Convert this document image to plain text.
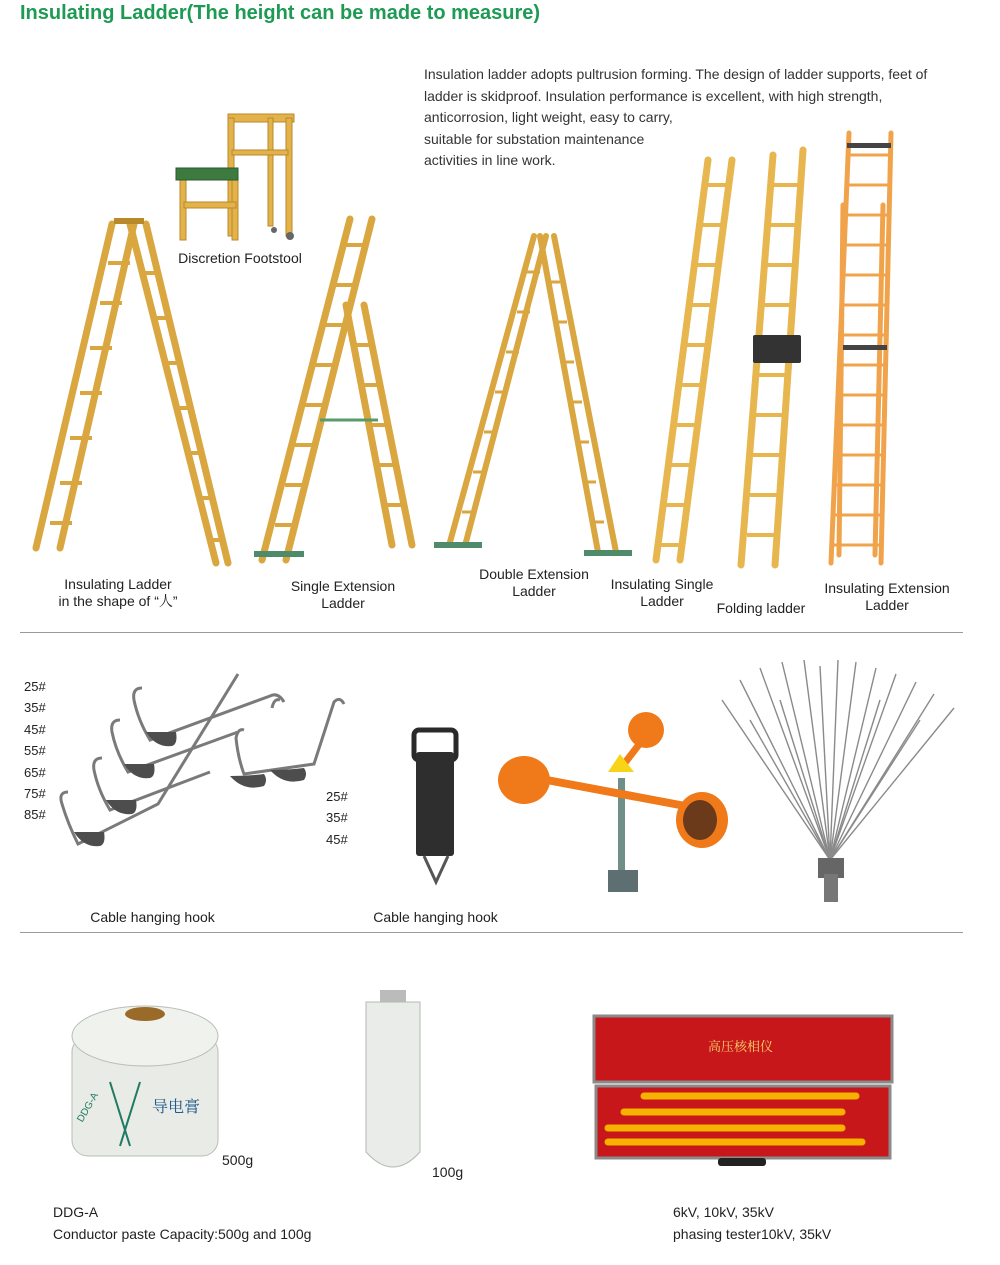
Insulating Ladder(The height can be made to measure)
Insulation ladder adopts pultrusion forming. The design of ladder supports, feet of
ladder is skidproof. Insulation performance is excellent, with high strength,
anticorrosion, light weight, easy to carry,
suitable for substation maintenance
activities in line work.
Discretion Footstool
Insulating Ladder
in the shape of “人”
Single Extension
Ladder
Double Extension
Ladder	Insulating Single
Ladder	Folding ladder
Insulating Extension
Ladder
25#
35#
45#
55#
65#
75#
85#
25#
35#
45#
Cable hanging hook	Cable hanging hook
导电膏
DDG-A
500g
100g
高压核相仪
DDG-A
Conductor paste Capacity:500g and 100g
6kV, 10kV, 35kV
phasing tester10kV, 35kV
